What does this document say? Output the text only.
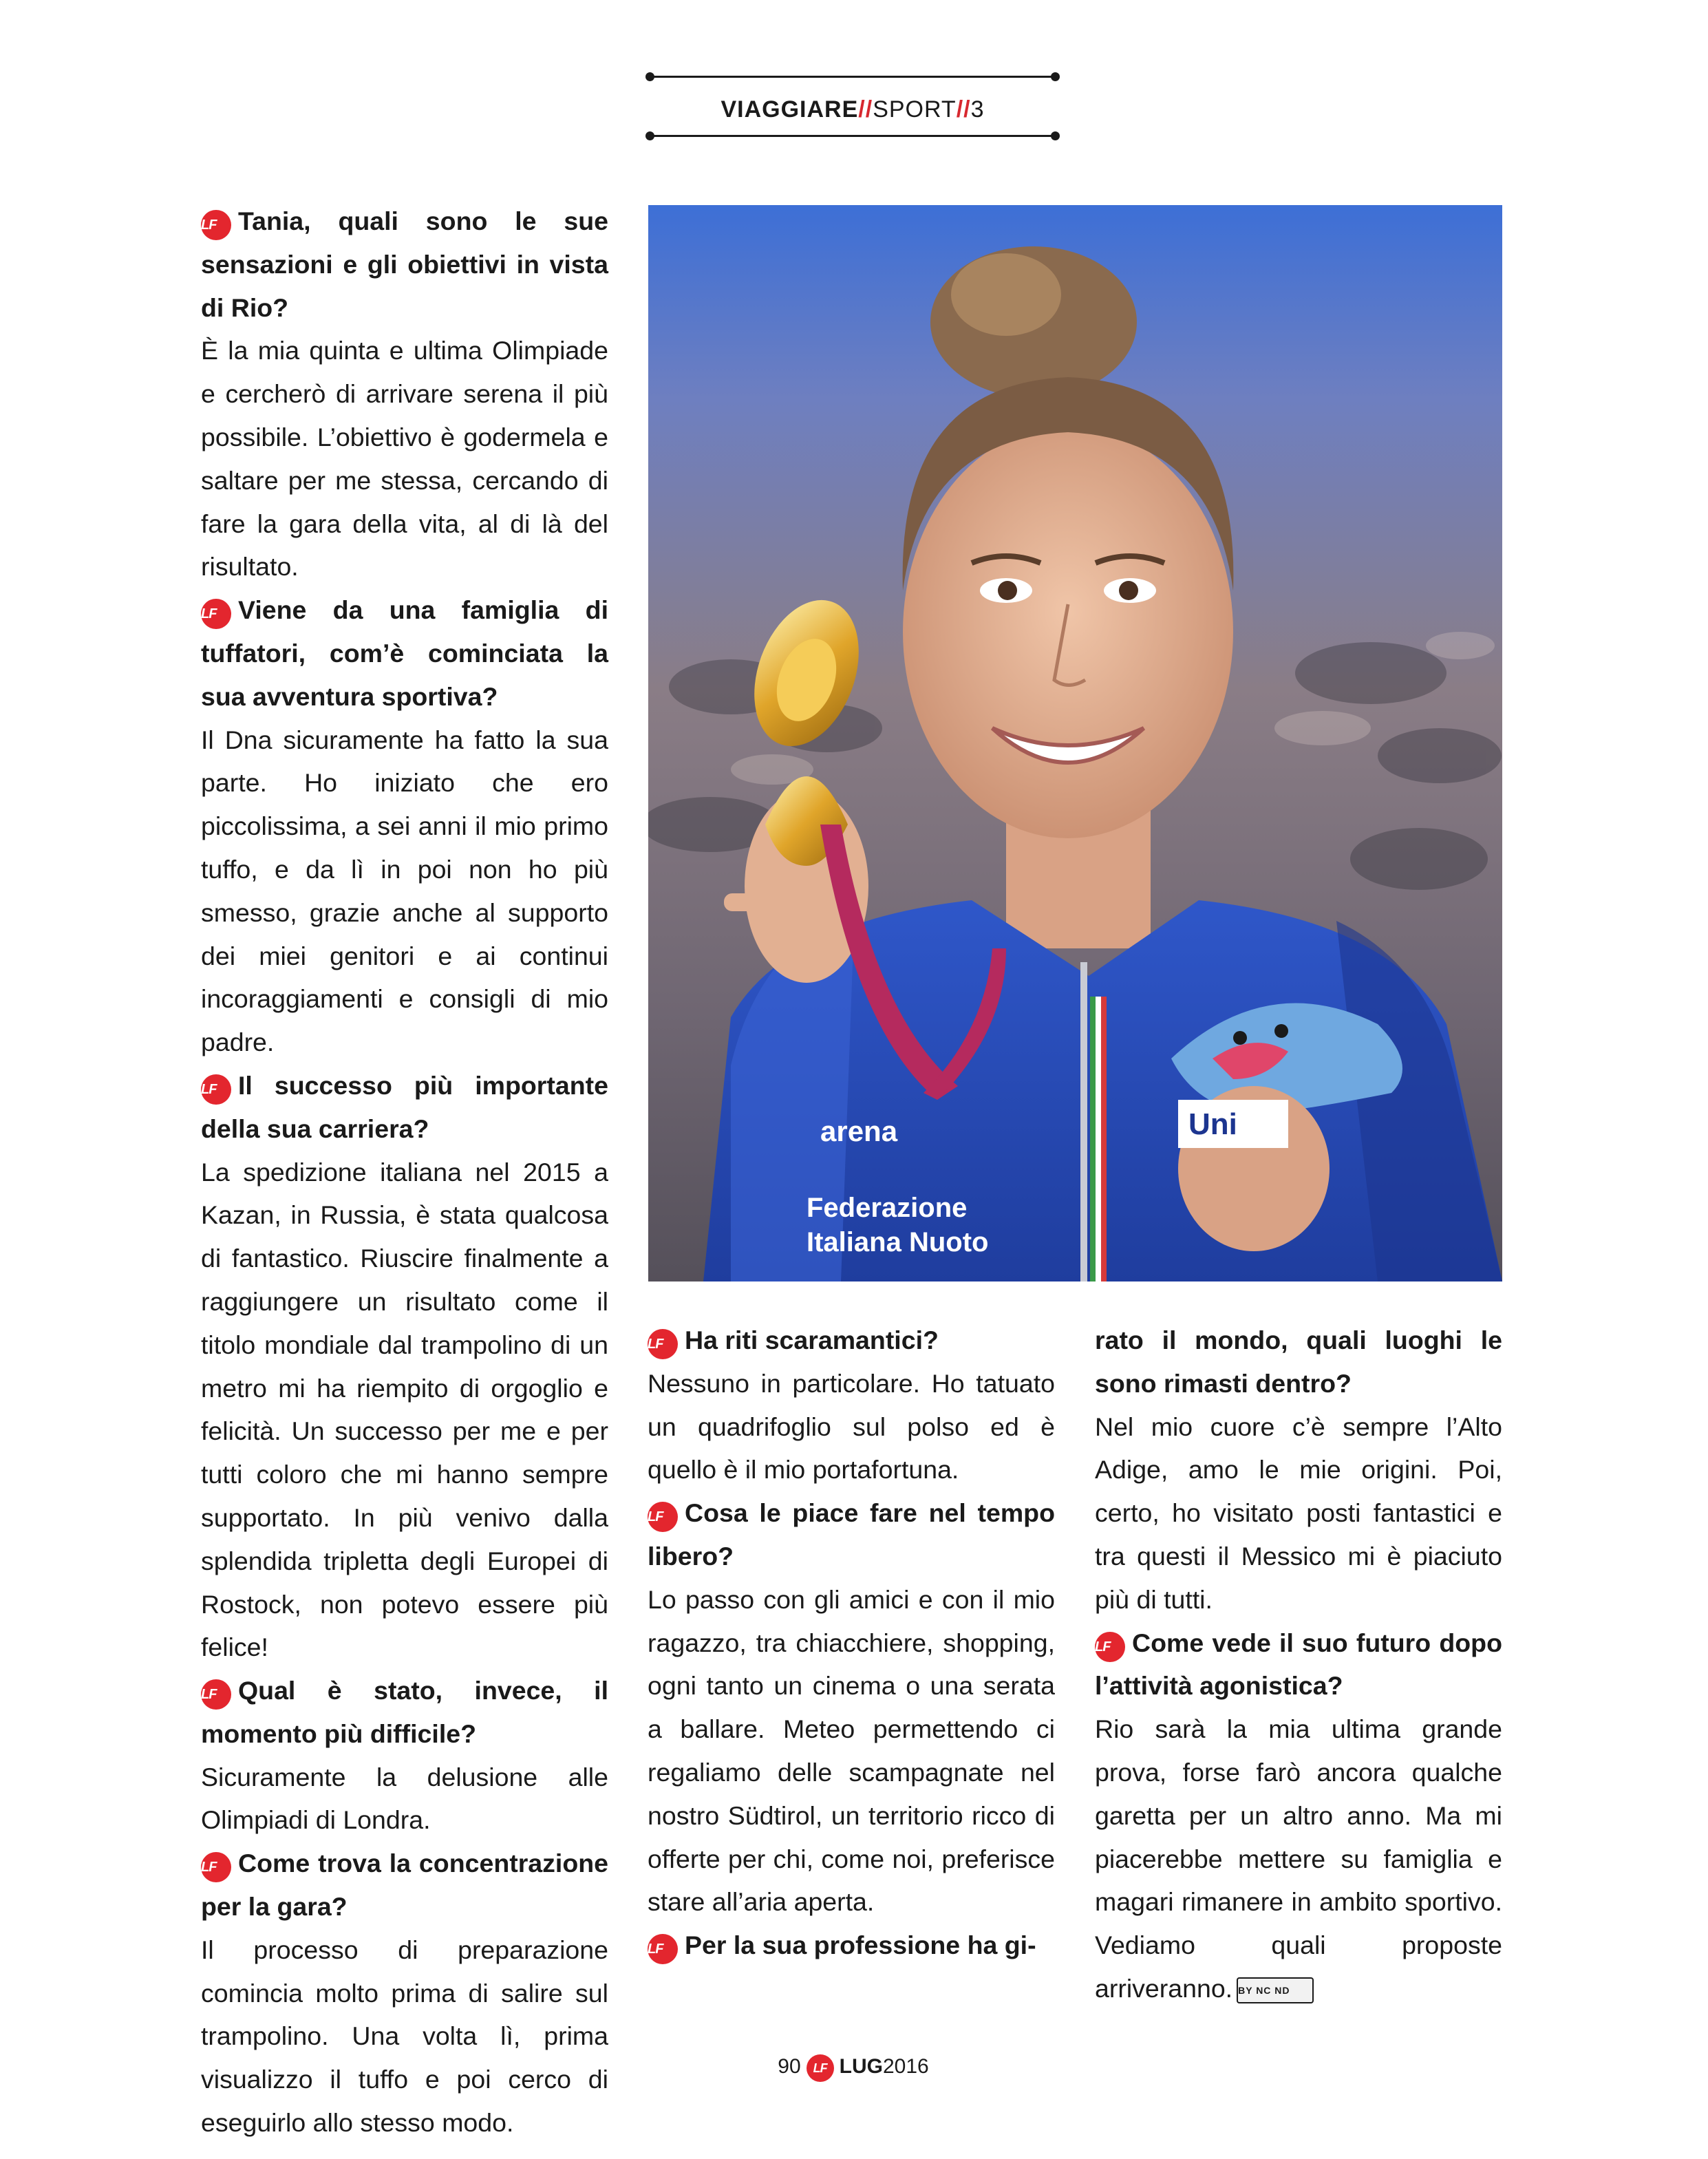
VIAGGIARE//SPORT//3

LF Tania, quali sono le sue sensazioni e gli obiettivi in vista di Rio?

È la mia quinta e ultima Olimpiade e cercherò di arrivare serena il più possibile. L’obiettivo è godermela e saltare per me stessa, cercando di fare la gara della vita, al di là del risultato.

LF Viene da una famiglia di tuffatori, com’è cominciata la sua avventura sportiva?

Il Dna sicuramente ha fatto la sua parte. Ho iniziato che ero piccolissima, a sei anni il mio primo tuffo, e da lì in poi non ho più smesso, grazie anche al supporto dei miei genitori e ai continui incoraggiamenti e consigli di mio padre.

LF Il successo più importante della sua carriera?

La spedizione italiana nel 2015 a Kazan, in Russia, è stata qualcosa di fantastico. Riuscire finalmente a raggiungere un risultato come il titolo mondiale dal trampolino di un metro mi ha riempito di orgoglio e felicità. Un successo per me e per tutti coloro che mi hanno sempre supportato. In più venivo dalla splendida tripletta degli Europei di Rostock, non potevo essere più felice!

LF Qual è stato, invece, il momento più difficile?

Sicuramente la delusione alle Olimpiadi di Londra.

LF Come trova la concentrazione per la gara?

Il processo di preparazione comincia molto prima di salire sul trampolino. Una volta lì, prima visualizzo il tuffo e poi cerco di eseguirlo allo stesso modo.

LF Ha riti scaramantici?

Nessuno in particolare. Ho tatuato un quadrifoglio sul polso ed è quello è il mio portafortuna.

LF Cosa le piace fare nel tempo libero?

Lo passo con gli amici e con il mio ragazzo, tra chiacchiere, shopping, ogni tanto un cinema o una serata a ballare. Meteo permettendo ci regaliamo delle scampagnate nel nostro Südtirol, un territorio ricco di offerte per chi, come noi, preferisce stare all’aria aperta.

LF Per la sua professione ha gi-

rato il mondo, quali luoghi le sono rimasti dentro?

Nel mio cuore c’è sempre l’Alto Adige, amo le mie origini. Poi, certo, ho visitato posti fantastici e tra questi il Messico mi è piaciuto più di tutti.

LF Come vede il suo futuro dopo l’attività agonistica?

Rio sarà la mia ultima grande prova, forse farò ancora qualche garetta per un altro anno. Ma mi piacerebbe mettere su famiglia e magari rimanere in ambito sportivo. Vediamo quali proposte arriveranno. BY NC ND

Uni
arena
Federazione
Italiana Nuoto
90 LF LUG2016
